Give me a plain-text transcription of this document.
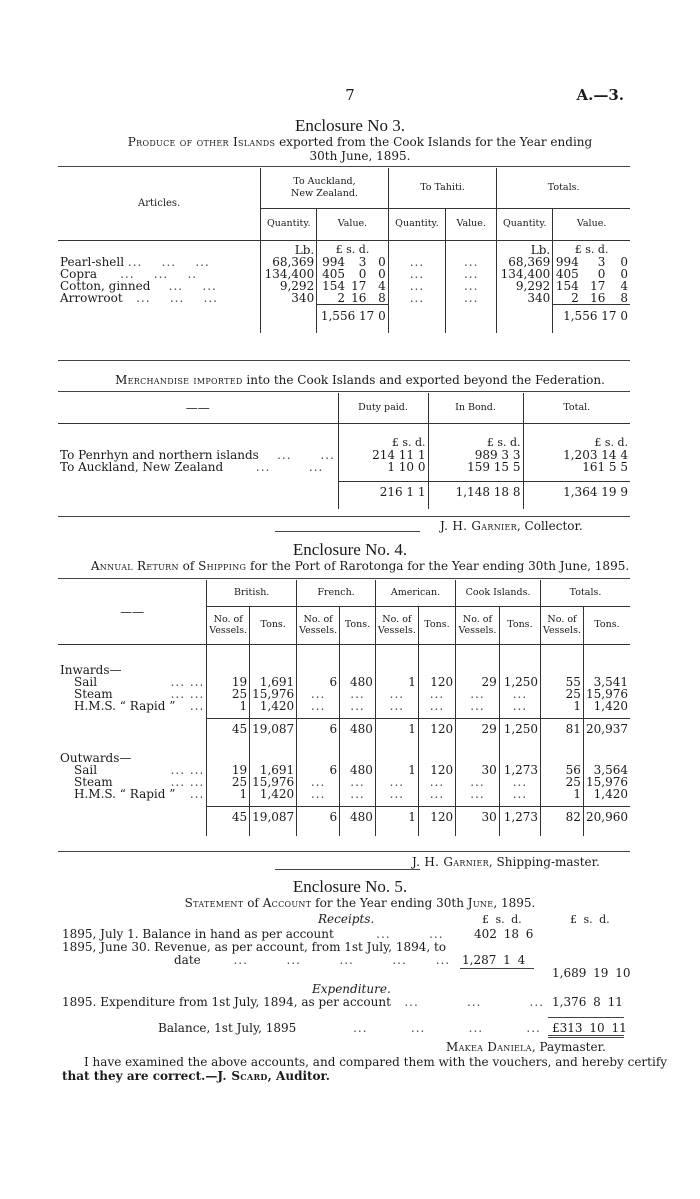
7	A.—3.
Enclosure No 3.
Produce of other Islands exported from the Cook Islands for the Year ending
30th June, 1895.
Articles.	To Auckland, New Zealand.				To Tahiti.		Totals.			
	Quantity.	Value.			Quantity.	Value.	Quantity.	Value.		
	Lb.	£ s. d.					Lb.	£ s. d.		
Pearl-shell ...    ...    ...	68,369	994	3	0	...	...	68,369	994	3	0
Copra     ...    ...    ..	134,400	405	0	0	...	...	134,400	405	0	0
Cotton, ginned    ...    ...	9,292	154	17	4	...	...	9,292	154	17	4
Arrowroot   ...    ...    ...	340	2	16	8	...	...	340	2	16	8
		1,556 17 0						1,556 17 0		

Merchandise imported into the Cook Islands and exported beyond the Federation.
——	Duty paid.	In Bond.	Total.
	£ s. d.	£ s. d.	£ s. d.
To Penrhyn and northern islands    ...      ...	214 11 1	989 3 3	1,203 14 4
To Auckland, New Zealand       ...        ...	1 10 0	159 15 5	161 5 5

	216 1 1	1,148 18 8	1,364 19 9

J. H. Garnier, Collector.
Enclosure No. 4.
Annual Return of Shipping for the Port of Rarotonga for the Year ending 30th June, 1895.
——	British.		French.		American.		Cook Islands.		Totals.	
	No. of Vessels.	Tons.	No. of Vessels.	Tons.	No. of Vessels.	Tons.	No. of Vessels.	Tons.	No. of Vessels.	Tons.

Inwards—										
Sail ... ...	19	1,691	6	480	1	120	29	1,250	55	3,541
Steam ... ...	25	15,976	...	...	...	...	...	...	25	15,976
H.M.S. “ Rapid ” ...	1	1,420	...	...	...	...	...	...	1	1,420

	45	19,087	6	480	1	120	29	1,250	81	20,937

Outwards—										
Sail ... ...	19	1,691	6	480	1	120	30	1,273	56	3,564
Steam ... ...	25	15,976	...	...	...	...	...	...	25	15,976
H.M.S. “ Rapid ” ...	1	1,420	...	...	...	...	...	...	1	1,420

	45	19,087	6	480	1	120	30	1,273	82	20,960

J. H. Garnier, Shipping-master.
Enclosure No. 5.
Statement of Account for the Year ending 30th June, 1895.
Receipts.	£ s. d.	£ s. d.
1895, July 1. Balance in hand as per account         ...        ...	402 18 6
1895, June 30. Revenue, as per account, from 1st July, 1894, to
date       ...        ...        ...        ...      ... 1,287 1 4
1,689 19 10
Expenditure.
1895. Expenditure from 1st July, 1894, as per account   ...          ...          ... 1,376 8 11
Balance, 1st July, 1895            ...         ...         ...         ... £313 10 11
Makea Daniela, Paymaster.
I have examined the above accounts, and compared them with the vouchers, and hereby certify
that they are correct.—J. Scard, Auditor.
